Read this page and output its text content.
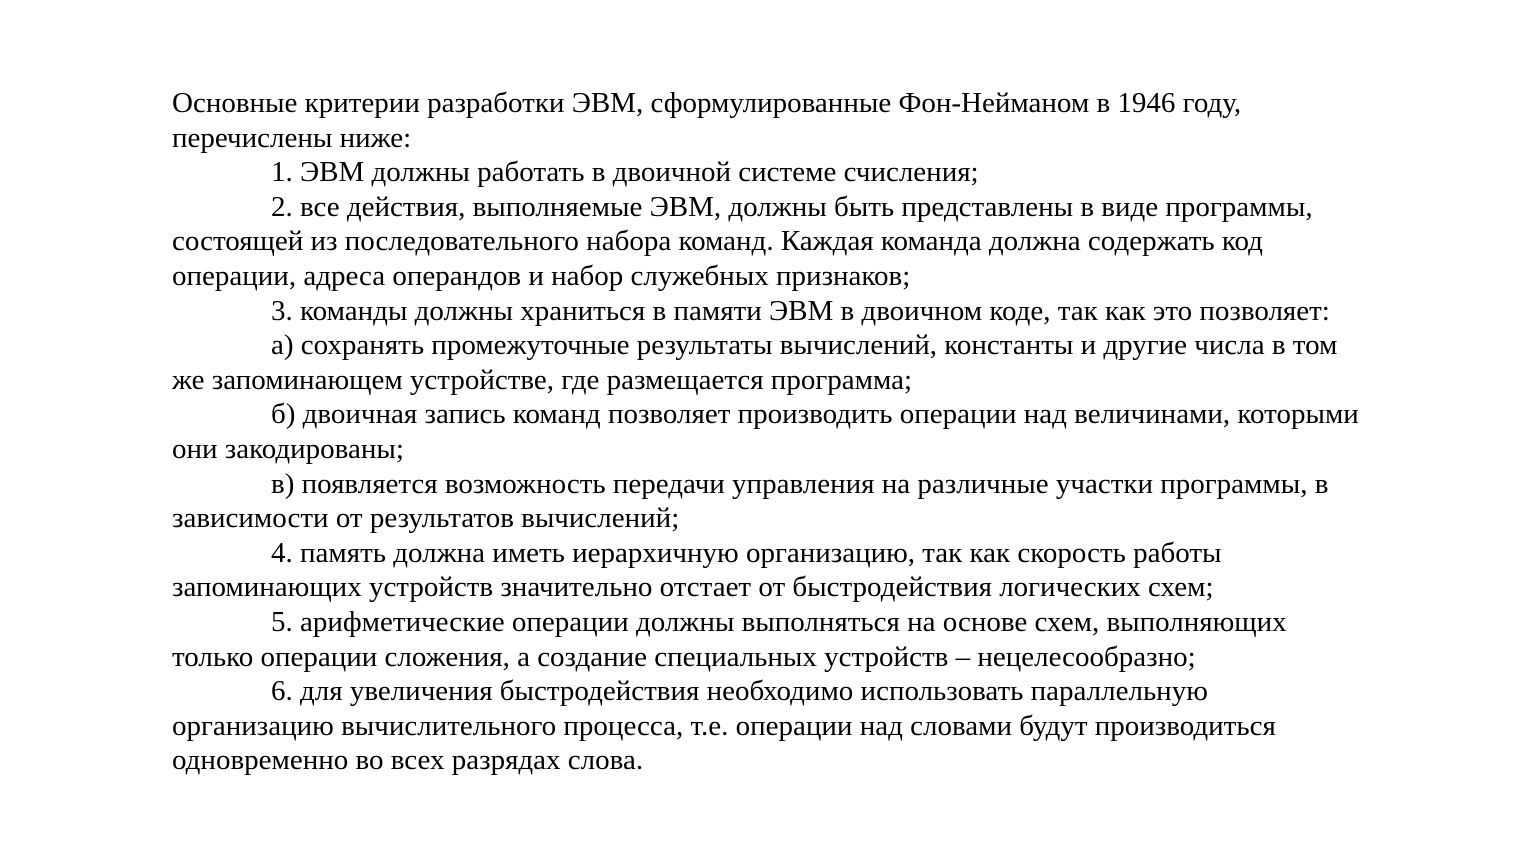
Основные критерии разработки ЭВМ, сформулированные Фон-Нейманом в 1946 году, перечислены ниже:

1. ЭВМ должны работать в двоичной системе счисления;

2. все действия, выполняемые ЭВМ, должны быть представлены в виде программы, состоящей из последовательного набора команд. Каждая команда должна содержать код операции, адреса операндов и набор служебных признаков;

3. команды должны храниться в памяти ЭВМ в двоичном коде, так как это позволяет:

а) сохранять промежуточные результаты вычислений, константы и другие числа в том же запоминающем устройстве, где размещается программа;

б) двоичная запись команд позволяет производить операции над величинами, которыми они закодированы;

в) появляется возможность передачи управления на различные участки программы, в зависимости от результатов вычислений;

4. память должна иметь иерархичную организацию, так как скорость работы запоминающих устройств значительно отстает от быстродействия логических схем;

5. арифметические операции должны выполняться на основе схем, выполняющих только операции сложения, а создание специальных устройств – нецелесообразно;

6. для увеличения быстродействия необходимо использовать параллельную организацию вычислительного процесса, т.е. операции над словами будут производиться одновременно во всех разрядах слова.
